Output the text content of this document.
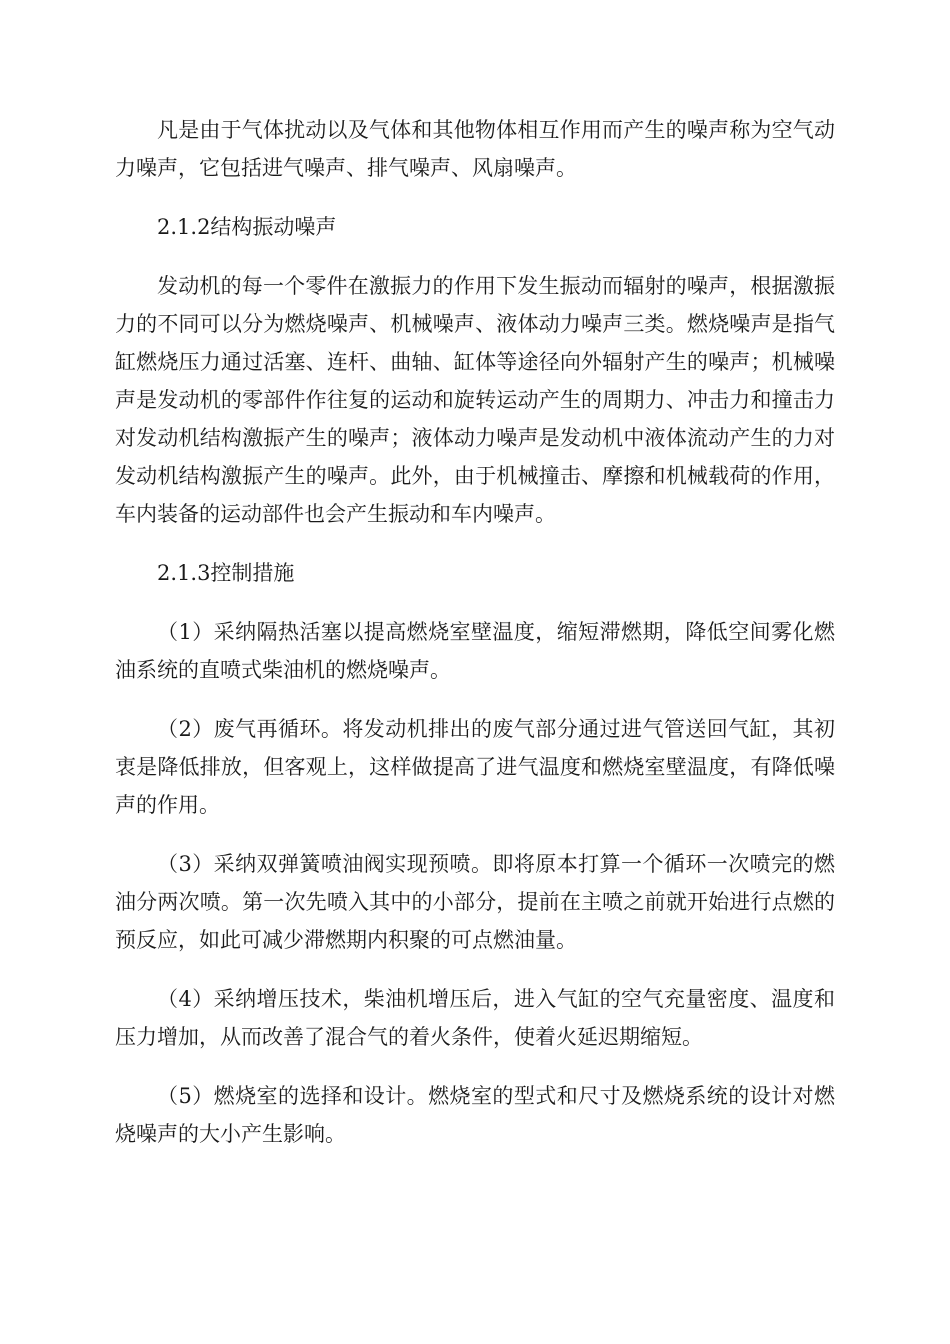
凡是由于气体扰动以及气体和其他物体相互作用而产生的噪声称为空气动力噪声，它包括进气噪声、排气噪声、风扇噪声。

2.1.2结构振动噪声

发动机的每一个零件在激振力的作用下发生振动而辐射的噪声，根据激振力的不同可以分为燃烧噪声、机械噪声、液体动力噪声三类。燃烧噪声是指气缸燃烧压力通过活塞、连杆、曲轴、缸体等途径向外辐射产生的噪声；机械噪声是发动机的零部件作往复的运动和旋转运动产生的周期力、冲击力和撞击力对发动机结构激振产生的噪声；液体动力噪声是发动机中液体流动产生的力对发动机结构激振产生的噪声。此外，由于机械撞击、摩擦和机械载荷的作用，车内装备的运动部件也会产生振动和车内噪声。

2.1.3控制措施

（1）采纳隔热活塞以提高燃烧室壁温度，缩短滞燃期，降低空间雾化燃油系统的直喷式柴油机的燃烧噪声。

（2）废气再循环。将发动机排出的废气部分通过进气管送回气缸，其初衷是降低排放，但客观上，这样做提高了进气温度和燃烧室壁温度，有降低噪声的作用。

（3）采纳双弹簧喷油阀实现预喷。即将原本打算一个循环一次喷完的燃油分两次喷。第一次先喷入其中的小部分，提前在主喷之前就开始进行点燃的预反应，如此可减少滞燃期内积聚的可点燃油量。

（4）采纳增压技术，柴油机增压后，进入气缸的空气充量密度、温度和压力增加，从而改善了混合气的着火条件，使着火延迟期缩短。

（5）燃烧室的选择和设计。燃烧室的型式和尺寸及燃烧系统的设计对燃烧噪声的大小产生影响。
